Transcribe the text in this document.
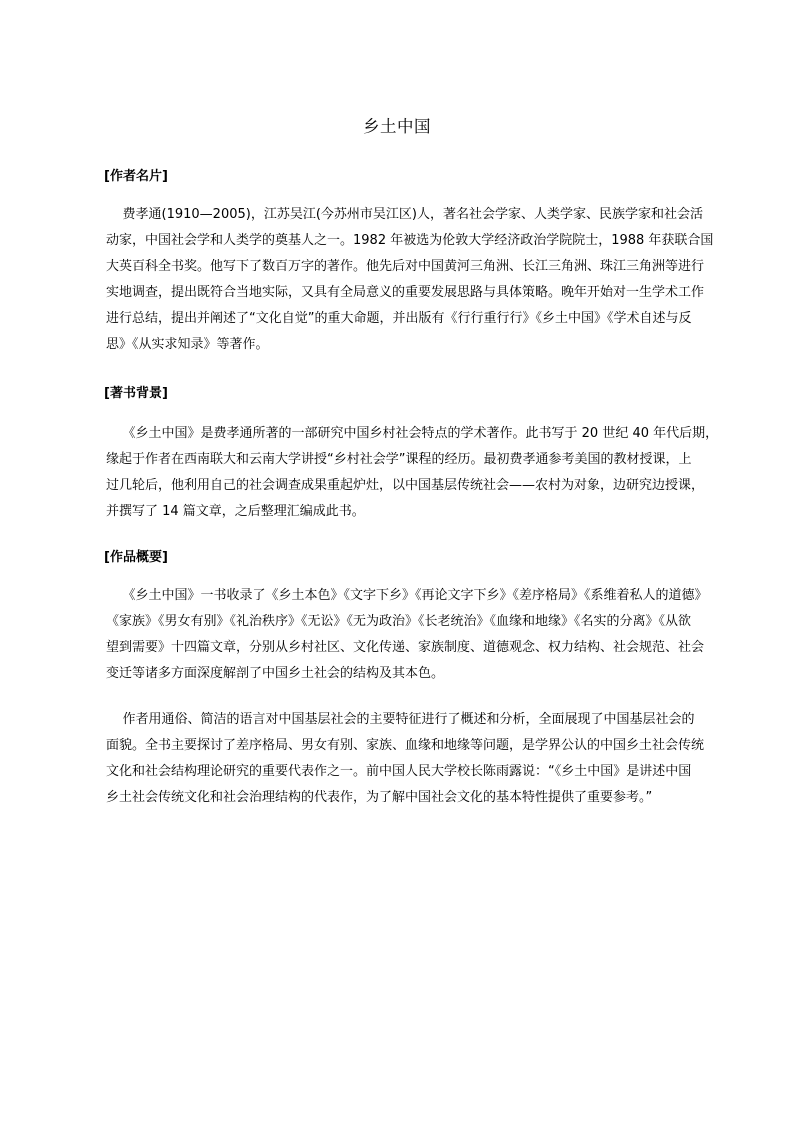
乡土中国
[作者名片]
费孝通(1910—2005)，江苏吴江(今苏州市吴江区)人，著名社会学家、人类学家、民族学家和社会活
动家，中国社会学和人类学的奠基人之一。1982 年被选为伦敦大学经济政治学院院士，1988 年获联合国
大英百科全书奖。他写下了数百万字的著作。他先后对中国黄河三角洲、长江三角洲、珠江三角洲等进行
实地调查，提出既符合当地实际，又具有全局意义的重要发展思路与具体策略。晚年开始对一生学术工作
进行总结，提出并阐述了“文化自觉”的重大命题，并出版有《行行重行行》《乡土中国》《学术自述与反
思》《从实求知录》等著作。
[著书背景]
《乡土中国》是费孝通所著的一部研究中国乡村社会特点的学术著作。此书写于 20 世纪 40 年代后期，
缘起于作者在西南联大和云南大学讲授“乡村社会学”课程的经历。最初费孝通参考美国的教材授课，上
过几轮后，他利用自己的社会调查成果重起炉灶，以中国基层传统社会——农村为对象，边研究边授课，
并撰写了 14 篇文章，之后整理汇编成此书。
[作品概要]
《乡土中国》一书收录了《乡土本色》《文字下乡》《再论文字下乡》《差序格局》《系维着私人的道德》
《家族》《男女有别》《礼治秩序》《无讼》《无为政治》《长老统治》《血缘和地缘》《名实的分离》《从欲
望到需要》十四篇文章，分别从乡村社区、文化传递、家族制度、道德观念、权力结构、社会规范、社会
变迁等诸多方面深度解剖了中国乡土社会的结构及其本色。
作者用通俗、简洁的语言对中国基层社会的主要特征进行了概述和分析，全面展现了中国基层社会的
面貌。全书主要探讨了差序格局、男女有别、家族、血缘和地缘等问题，是学界公认的中国乡土社会传统
文化和社会结构理论研究的重要代表作之一。前中国人民大学校长陈雨露说：“《乡土中国》是讲述中国
乡土社会传统文化和社会治理结构的代表作，为了解中国社会文化的基本特性提供了重要参考。”
